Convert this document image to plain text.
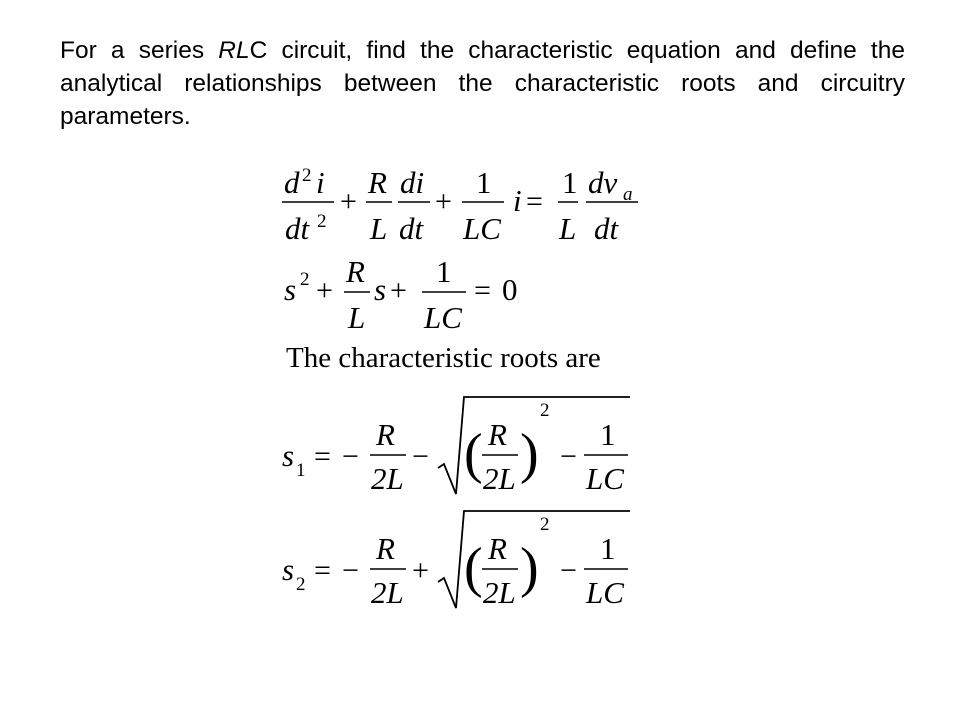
For a series RLC circuit, find the characteristic equation and define the analytical relationships between the characteristic roots and circuitry parameters.
d 2 i
dt 2
+
R
L
di
dt
+
1
LC
i =
1
L
dv a
dt
s 2 +
R
L
s +
1
LC
= 0
The characteristic roots are
s 1 = −
R
2L
− ( R
2L )
2
−
1
LC
s 2 = −
R
2L
+ ( R
2L )
2
−
1
LC
